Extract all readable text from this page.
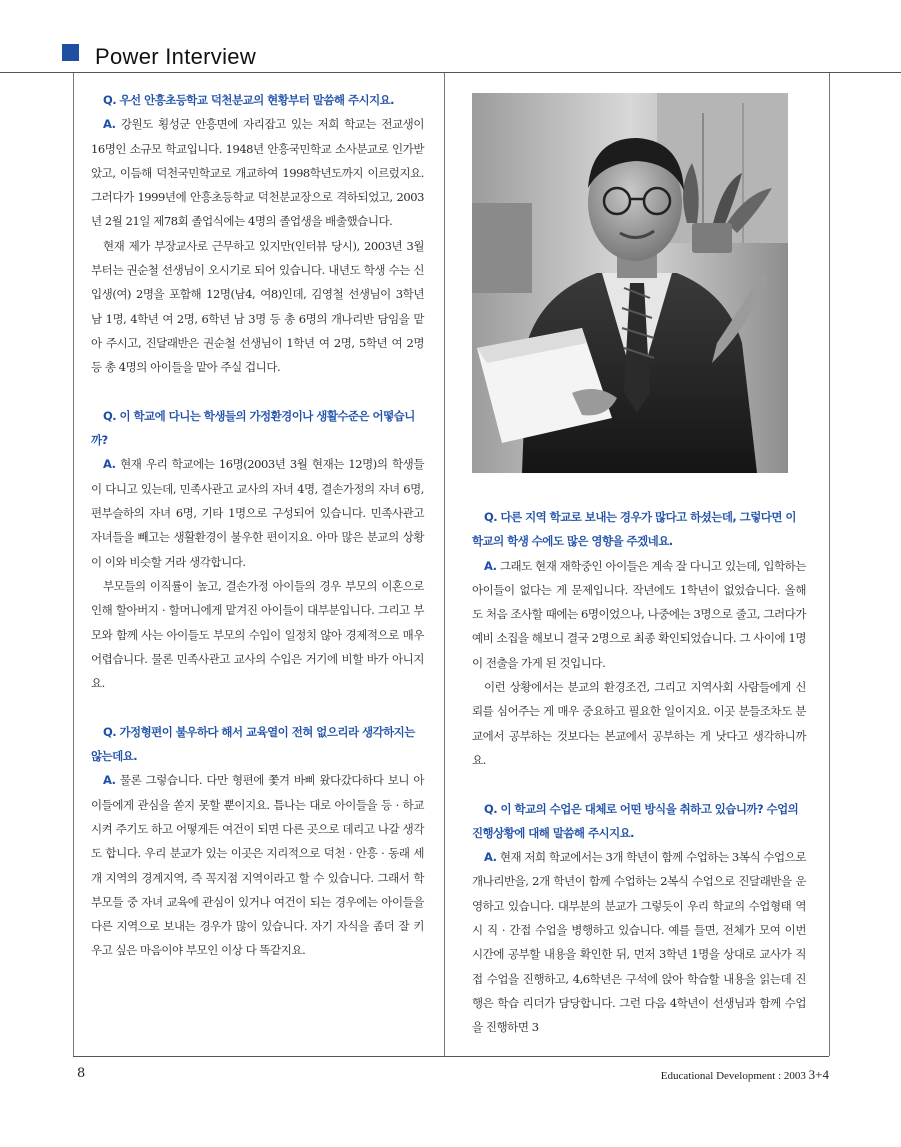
Power Interview

Q. 우선 안흥초등학교 덕천분교의 현황부터 말씀해 주시지요.

A. 강원도 횡성군 안흥면에 자리잡고 있는 저희 학교는 전교생이 16명인 소규모 학교입니다. 1948년 안흥국민학교 소사분교로 인가받았고, 이듬해 덕천국민학교로 개교하여 1998학년도까지 이르렀지요. 그러다가 1999년에 안흥초등학교 덕천분교장으로 격하되었고, 2003년 2월 21일 제78회 졸업식에는 4명의 졸업생을 배출했습니다.

현재 제가 부장교사로 근무하고 있지만(인터뷰 당시), 2003년 3월부터는 권순철 선생님이 오시기로 되어 있습니다. 내년도 학생 수는 신입생(여) 2명을 포함해 12명(남4, 여8)인데, 김영철 선생님이 3학년 남 1명, 4학년 여 2명, 6학년 남 3명 등 총 6명의 개나리반 담임을 맡아 주시고, 진달래반은 권순철 선생님이 1학년 여 2명, 5학년 여 2명 등 총 4명의 아이들을 맡아 주실 겁니다.

Q. 이 학교에 다니는 학생들의 가정환경이나 생활수준은 어떻습니까?

A. 현재 우리 학교에는 16명(2003년 3월 현재는 12명)의 학생들이 다니고 있는데, 민족사관고 교사의 자녀 4명, 결손가정의 자녀 6명, 편부슬하의 자녀 6명, 기타 1명으로 구성되어 있습니다. 민족사관고 자녀들을 빼고는 생활환경이 불우한 편이지요. 아마 많은 분교의 상황이 이와 비슷할 거라 생각합니다.

부모들의 이직률이 높고, 결손가정 아이들의 경우 부모의 이혼으로 인해 할아버지 · 할머니에게 맡겨진 아이들이 대부분입니다. 그리고 부모와 함께 사는 아이들도 부모의 수입이 일정치 않아 경제적으로 매우 어렵습니다. 물론 민족사관고 교사의 수입은 거기에 비할 바가 아니지요.

Q. 가정형편이 불우하다 해서 교육열이 전혀 없으리라 생각하지는 않는데요.

A. 물론 그렇습니다. 다만 형편에 쫓겨 바삐 왔다갔다하다 보니 아이들에게 관심을 쏟지 못할 뿐이지요. 틈나는 대로 아이들을 등 · 하교시켜 주기도 하고 어떻게든 여건이 되면 다른 곳으로 데리고 나갈 생각도 합니다. 우리 분교가 있는 이곳은 지리적으로 덕천 · 안흥 · 동래 세 개 지역의 경계지역, 즉 꼭지점 지역이라고 할 수 있습니다. 그래서 학부모들 중 자녀 교육에 관심이 있거나 여건이 되는 경우에는 아이들을 다른 지역으로 보내는 경우가 많이 있습니다. 자기 자식을 좀더 잘 키우고 싶은 마음이야 부모인 이상 다 똑같지요.

Q. 다른 지역 학교로 보내는 경우가 많다고 하셨는데, 그렇다면 이 학교의 학생 수에도 많은 영향을 주겠네요.

A. 그래도 현재 재학중인 아이들은 계속 잘 다니고 있는데, 입학하는 아이들이 없다는 게 문제입니다. 작년에도 1학년이 없었습니다. 올해도 처음 조사할 때에는 6명이었으나, 나중에는 3명으로 줄고, 그러다가 예비 소집을 해보니 결국 2명으로 최종 확인되었습니다. 그 사이에 1명이 전출을 가게 된 것입니다.

이런 상황에서는 분교의 환경조건, 그리고 지역사회 사람들에게 신뢰를 심어주는 게 매우 중요하고 필요한 일이지요. 이곳 분들조차도 분교에서 공부하는 것보다는 본교에서 공부하는 게 낫다고 생각하니까요.

Q. 이 학교의 수업은 대체로 어떤 방식을 취하고 있습니까? 수업의 진행상황에 대해 말씀해 주시지요.

A. 현재 저희 학교에서는 3개 학년이 함께 수업하는 3복식 수업으로 개나리반을, 2개 학년이 함께 수업하는 2복식 수업으로 진달래반을 운영하고 있습니다. 대부분의 분교가 그렇듯이 우리 학교의 수업형태 역시 직 · 간접 수업을 병행하고 있습니다. 예를 들면, 전체가 모여 이번 시간에 공부할 내용을 확인한 뒤, 먼저 3학년 1명을 상대로 교사가 직접 수업을 진행하고, 4,6학년은 구석에 앉아 학습할 내용을 읽는데 진행은 학습 리더가 담당합니다. 그런 다음 4학년이 선생님과 함께 수업을 진행하면 3

8	Educational Development : 2003 3+4
